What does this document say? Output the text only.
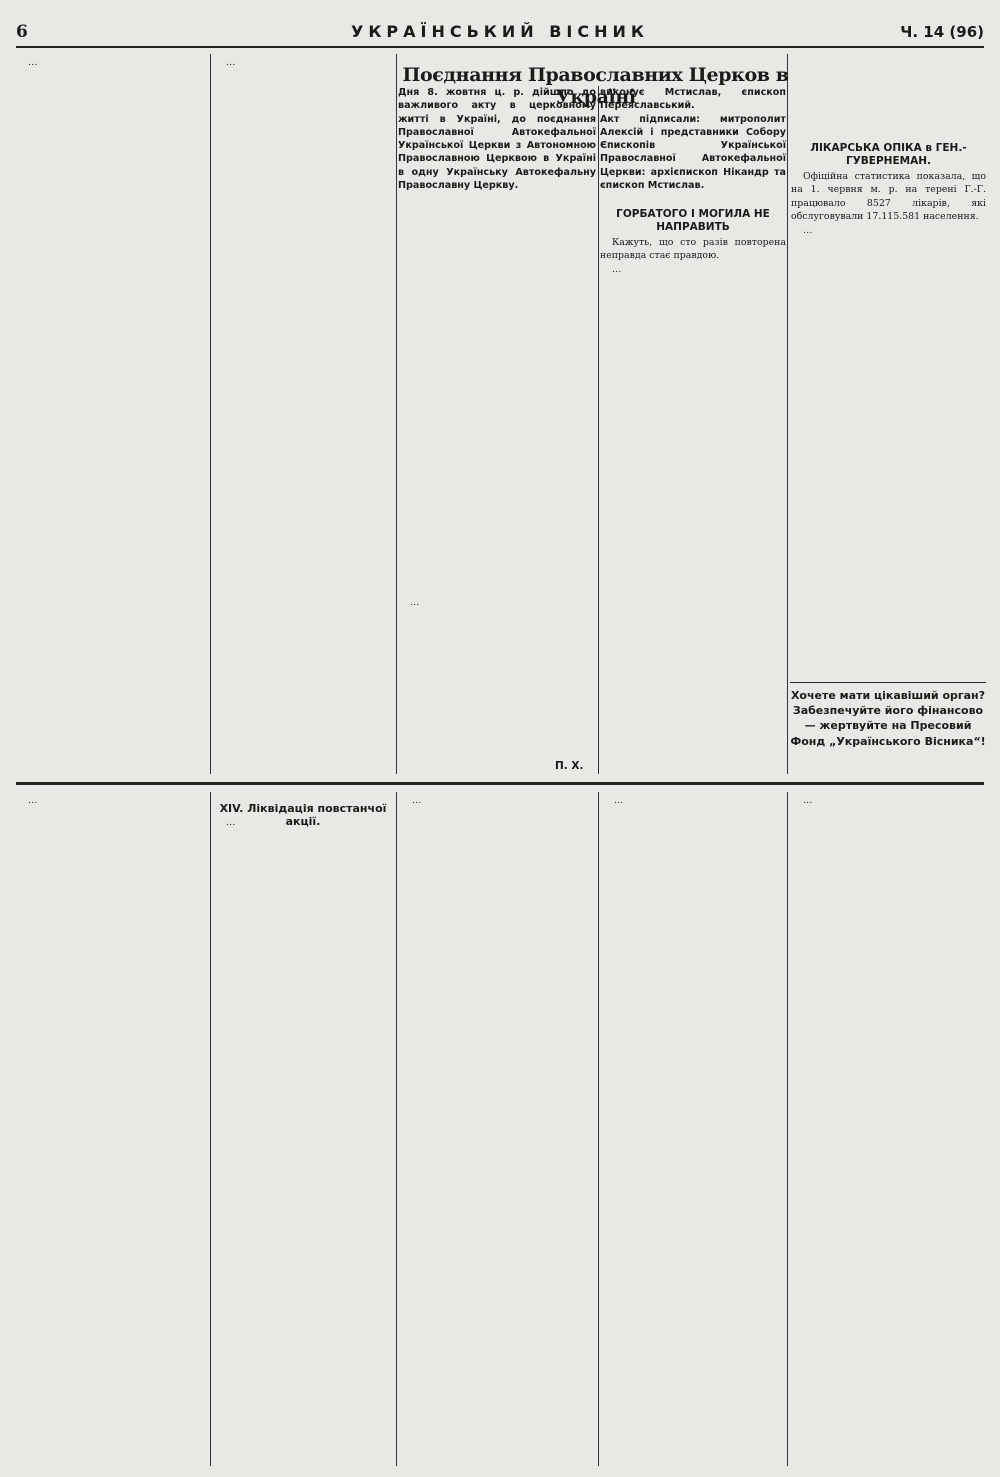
6	УКРАЇНСЬКИЙ ВІСНИК	Ч. 14 (96)

…	…

Поєднання Православних Церков в Україні
Дня 8. жовтня ц. р. дійшло до важливого акту в церковному житті в Україні, до поєднання Православної Автокефальної Української Церкви з Автономною Православною Церквою в Україні в одну Українську Автокефальну Православну Церкву.
виконує Мстислав, єпископ Переяславський.
Акт підписали: митрополит Алексій і представники Собору Єпископів Української Православної Автокефальної Церкви: архієпископ Нікандр та єпископ Мстислав.

…

П. Х.
ГОРБАТОГО І МОГИЛА НЕ НАПРАВИТЬ

Кажуть, що сто разів повторена неправда стає правдою.

…

ЛІКАРСЬКА ОПІКА в ГЕН.-ГУВЕРНЕМАН.

Офіційна статистика показала, що на 1. червня м. р. на терені Г.-Г. працювало 8527 лікарів, які обслуговували 17.115.581 населення.

…

Хочете мати цікавіший орган? Забезпечуйте його фінансово — жертвуйте на Пресовий Фонд „Українського Вісника“!

…

XIV. Ліквідація повстанчої акції.

…

…	…	…
